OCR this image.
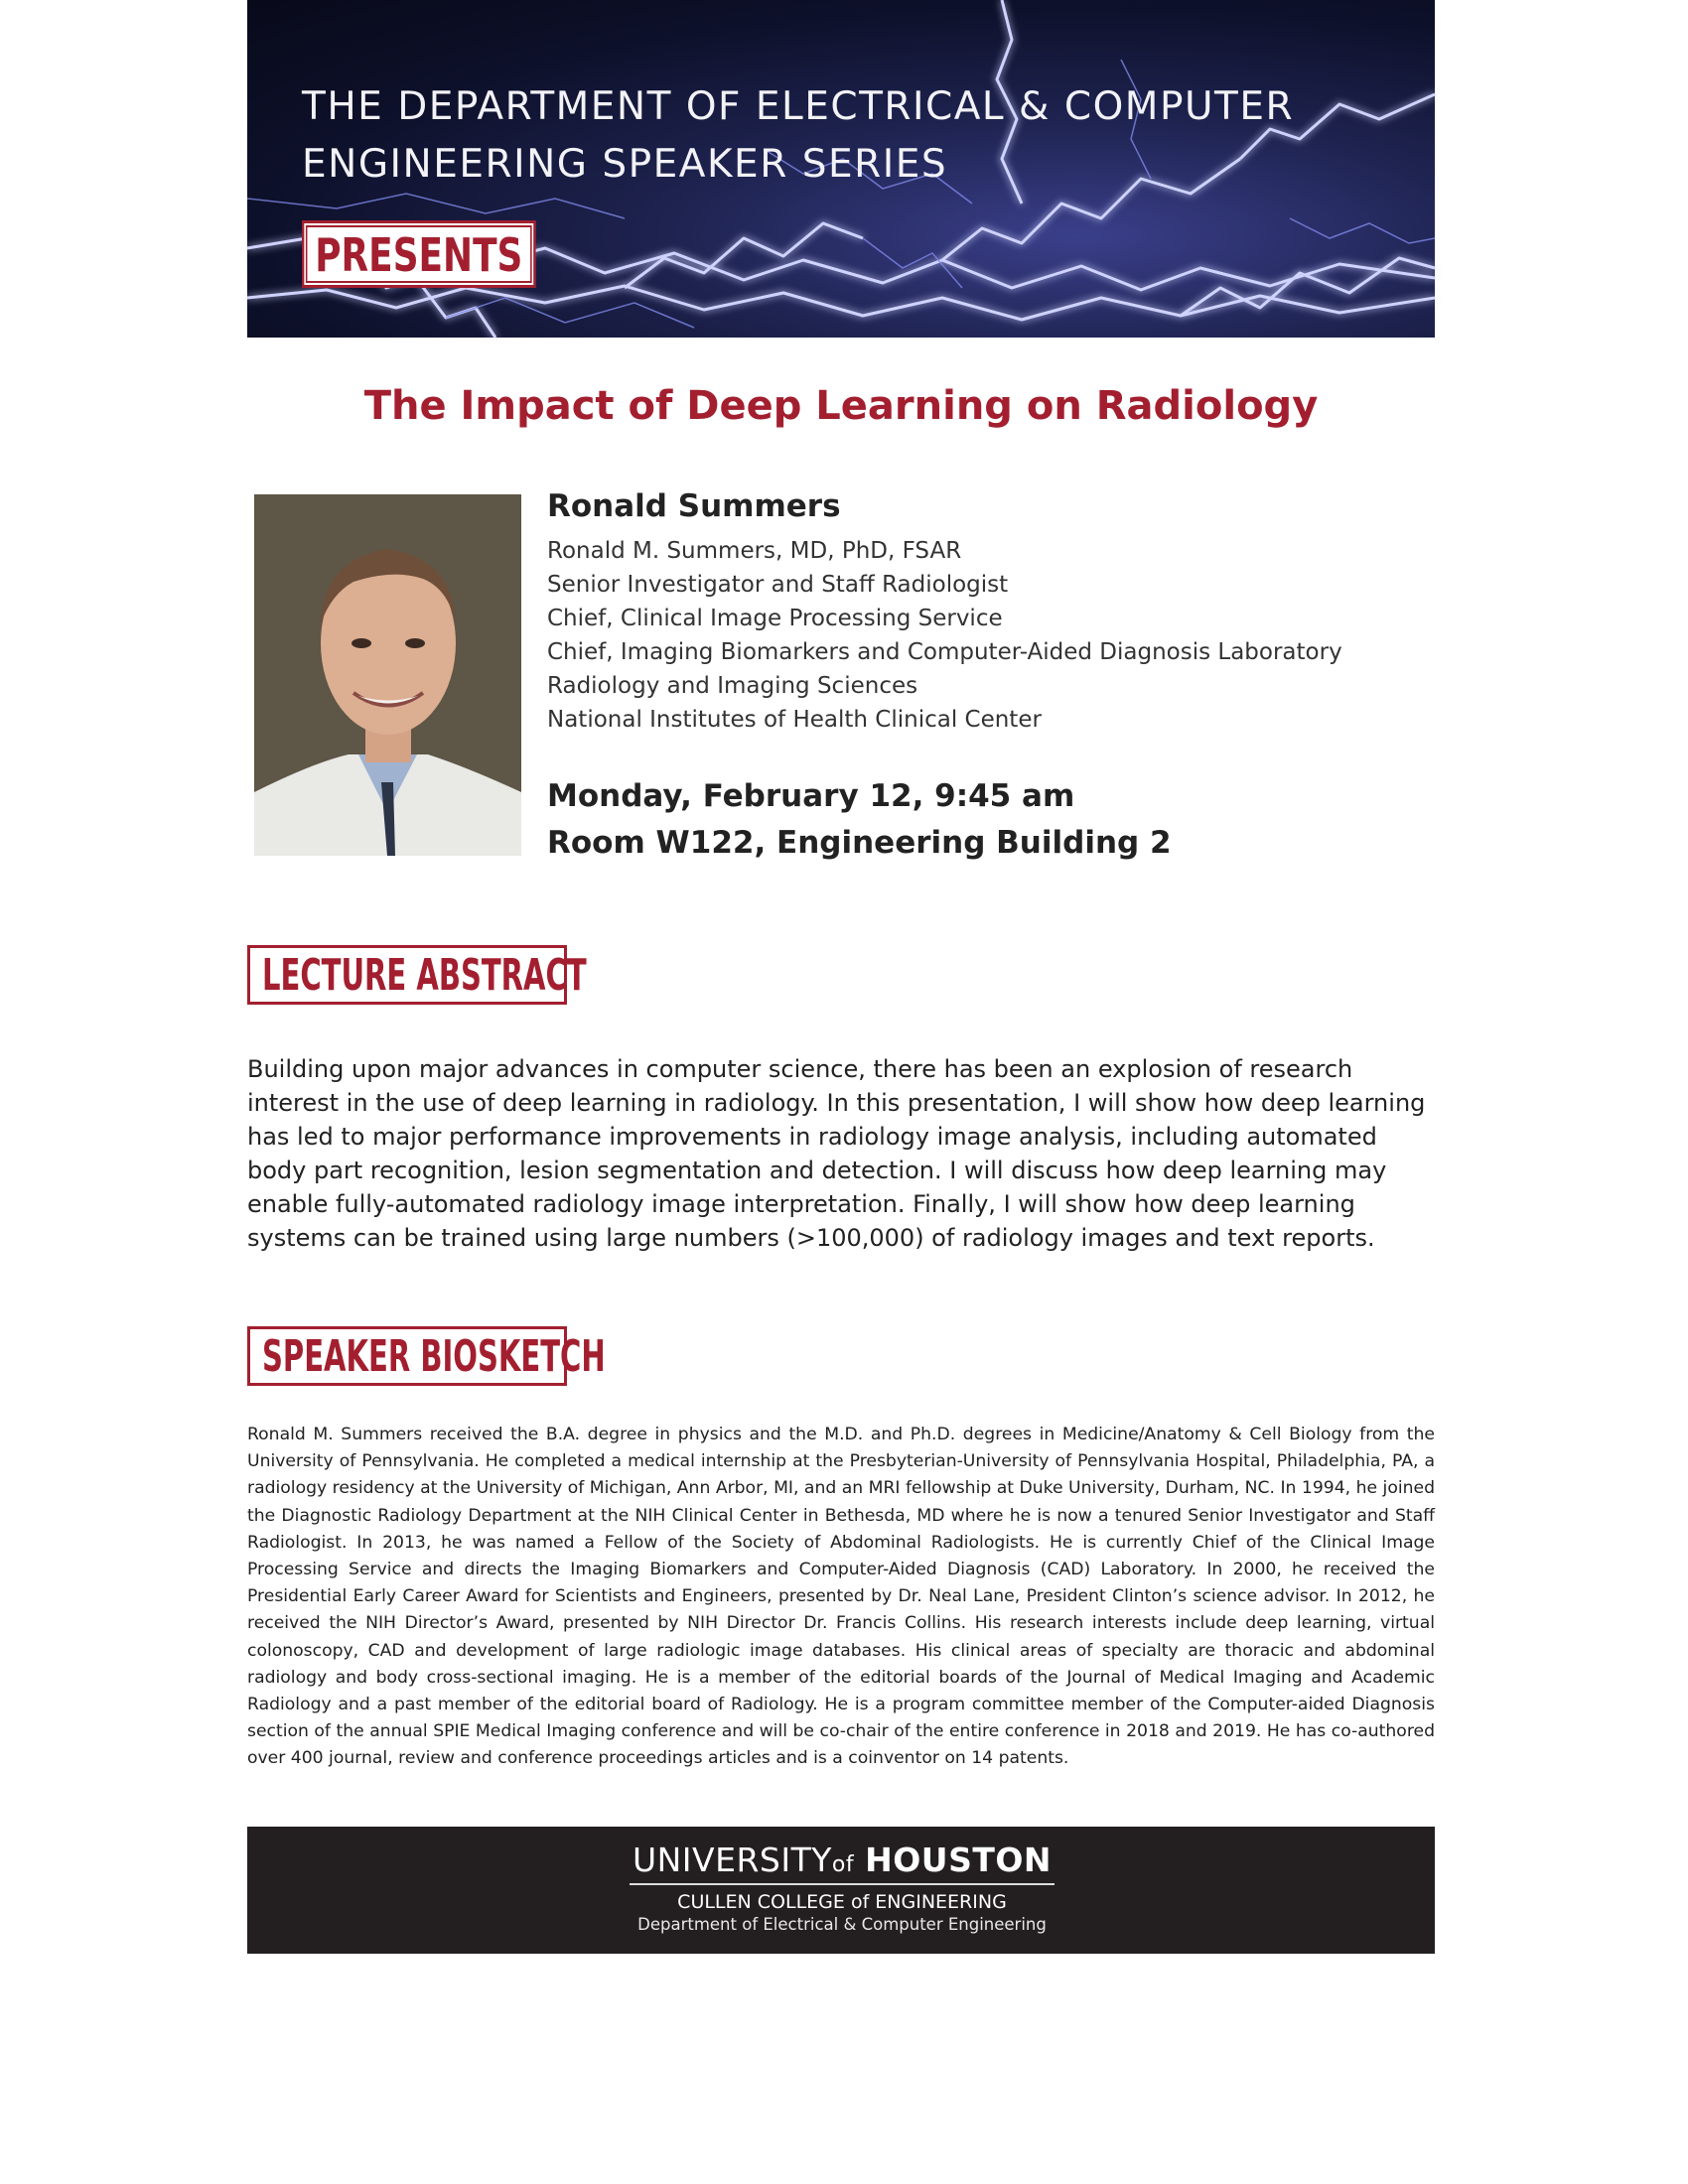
THE DEPARTMENT OF ELECTRICAL & COMPUTER
ENGINEERING SPEAKER SERIES
PRESENTS
The Impact of Deep Learning on Radiology
Ronald Summers
Ronald M. Summers, MD, PhD, FSAR
Senior Investigator and Staff Radiologist
Chief, Clinical Image Processing Service
Chief, Imaging Biomarkers and Computer-Aided Diagnosis Laboratory
Radiology and Imaging Sciences
National Institutes of Health Clinical Center
Monday, February 12, 9:45 am
Room W122, Engineering Building 2
LECTURE ABSTRACT
Building upon major advances in computer science, there has been an explosion of research interest in the use of deep learning in radiology. In this presentation, I will show how deep learning has led to major performance improvements in radiology image analysis, including automated body part recognition, lesion segmentation and detection. I will discuss how deep learning may enable fully-automated radiology image interpretation. Finally, I will show how deep learning systems can be trained using large numbers (>100,000) of radiology images and text reports.
SPEAKER BIOSKETCH
Ronald M. Summers received the B.A. degree in physics and the M.D. and Ph.D. degrees in Medicine/Anatomy & Cell Biology from the University of Pennsylvania. He completed a medical internship at the Presbyterian-University of Pennsylvania Hospital, Philadelphia, PA, a radiology residency at the University of Michigan, Ann Arbor, MI, and an MRI fellowship at Duke University, Durham, NC. In 1994, he joined the Diagnostic Radiology Department at the NIH Clinical Center in Bethesda, MD where he is now a tenured Senior Investigator and Staff Radiologist. In 2013, he was named a Fellow of the Society of Abdominal Radiologists. He is currently Chief of the Clinical Image Processing Service and directs the Imaging Biomarkers and Computer-Aided Diagnosis (CAD) Laboratory. In 2000, he received the Presidential Early Career Award for Scientists and Engineers, presented by Dr. Neal Lane, President Clinton’s science advisor. In 2012, he received the NIH Director’s Award, presented by NIH Director Dr. Francis Collins. His research interests include deep learning, virtual colonoscopy, CAD and development of large radiologic image databases. His clinical areas of specialty are thoracic and abdominal radiology and body cross-sectional imaging. He is a member of the editorial boards of the Journal of Medical Imaging and Academic Radiology and a past member of the editorial board of Radiology. He is a program committee member of the Computer-aided Diagnosis section of the annual SPIE Medical Imaging conference and will be co-chair of the entire conference in 2018 and 2019. He has co-authored over 400 journal, review and conference proceedings articles and is a coinventor on 14 patents.
UNIVERSITYof HOUSTON
CULLEN COLLEGE of ENGINEERING
Department of Electrical & Computer Engineering
